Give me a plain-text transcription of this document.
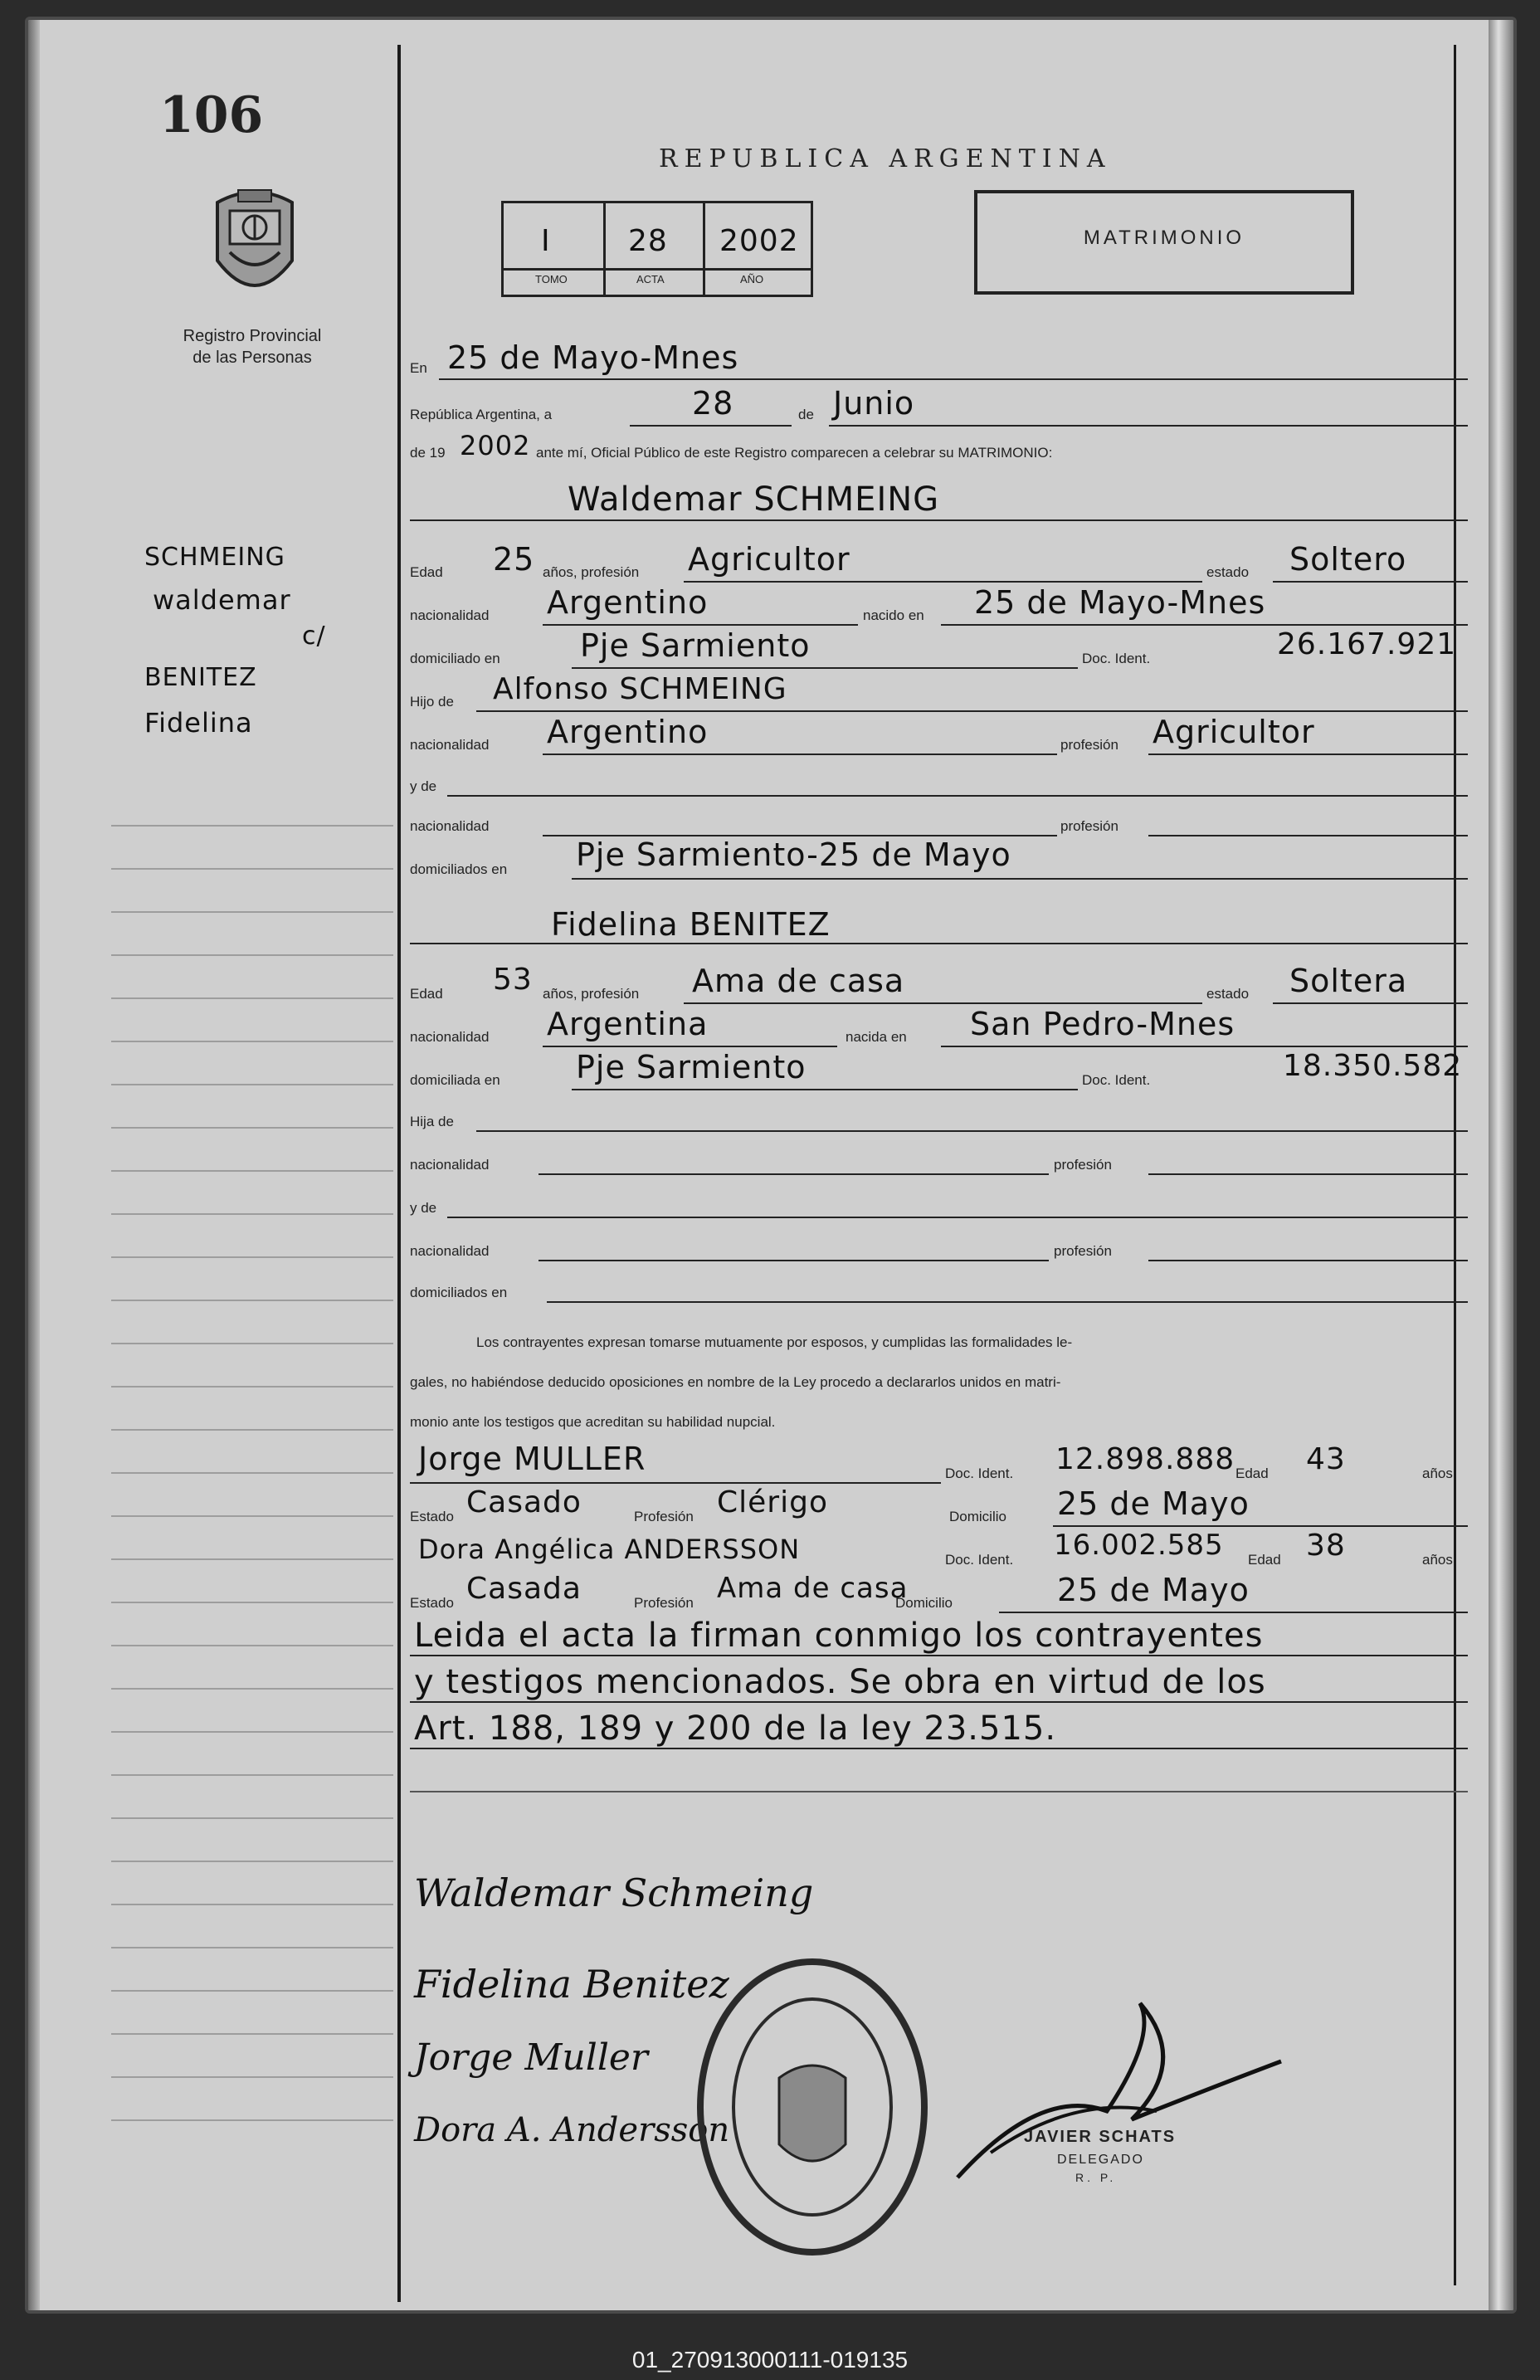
106
Registro Provincial
de las Personas
SCHMEING
waldemar
c/
BENITEZ
Fidelina
REPUBLICA ARGENTINA
I	28 2002
TOMO	ACTA	AÑO
MATRIMONIO
En 25 de Mayo-Mnes
República Argentina, a	28	de Junio
de 19 2002 ante mí, Oficial Público de este Registro comparecen a celebrar su MATRIMONIO:
Waldemar SCHMEING
Edad 25 años, profesión Agricultor	estado Soltero
nacionalidad Argentino	nacido en 25 de Mayo-Mnes
domiciliado en	Pje Sarmiento	Doc. Ident.	26.167.921
Hijo de Alfonso SCHMEING
nacionalidad Argentino	profesión Agricultor
y de
nacionalidad	profesión
domiciliados en Pje Sarmiento-25 de Mayo
Fidelina BENITEZ
Edad 53 años, profesión Ama de casa	estado Soltera
nacionalidad Argentina	nacida en San Pedro-Mnes
domiciliada en Pje Sarmiento	Doc. Ident.	18.350.582
Hija de
nacionalidad	profesión
y de
nacionalidad	profesión
domiciliados en
Los contrayentes expresan tomarse mutuamente por esposos, y cumplidas las formalidades le-
gales, no habiéndose deducido oposiciones en nombre de la Ley procedo a declararlos unidos en matri-
monio ante los testigos que acreditan su habilidad nupcial.
Jorge MULLER	Doc. Ident. 12.898.888 Edad 43	años
Estado Casado	Profesión Clérigo	Domicilio 25 de Mayo
Dora Angélica ANDERSSON	Doc. Ident. 16.002.585 Edad 38	años
Estado Casada	Profesión Ama de casa
Domicilio	25 de Mayo
Leida el acta la firman conmigo los contrayentes
y testigos mencionados. Se obra en virtud de los
Art. 188, 189 y 200 de la ley 23.515.
Waldemar Schmeing
Fidelina Benitez
Jorge Muller
Dora A. Andersson	JAVIER SCHATS
DELEGADO
R. P.
01_270913000111-019135
